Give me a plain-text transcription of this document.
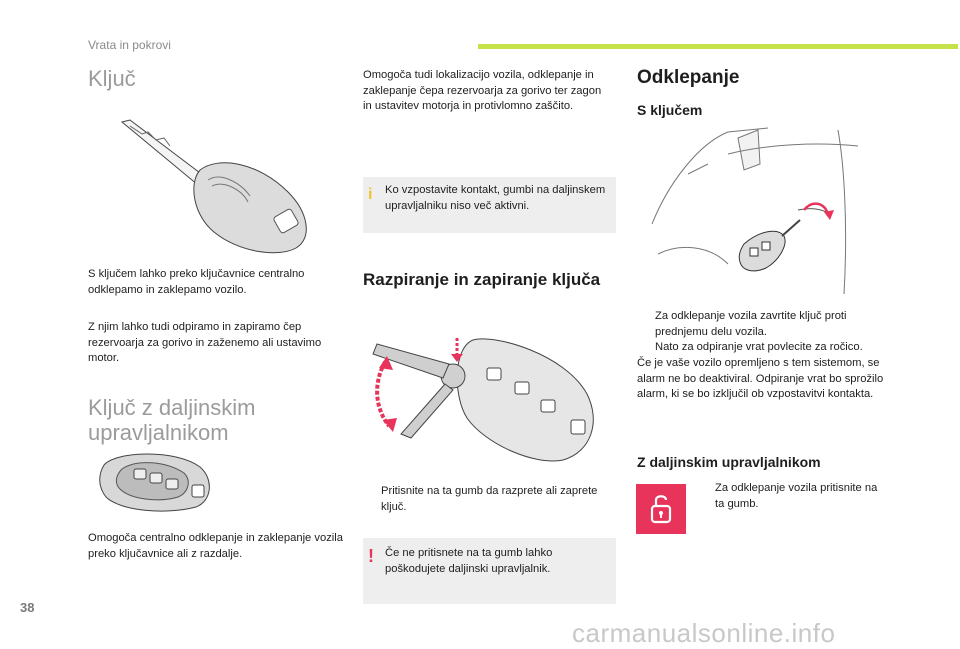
Vrata in pokrovi
Ključ

S ključem lahko preko ključavnice centralno odklepamo in zaklepamo vozilo.

Z njim lahko tudi odpiramo in zapiramo čep rezervoarja za gorivo in zaženemo ali ustavimo motor.

Ključ z daljinskim upravljalnikom

Omogoča centralno odklepanje in zaklepanje vozila preko ključavnice ali z razdalje.

Omogoča tudi lokalizacijo vozila, odklepanje in zaklepanje čepa rezervoarja za gorivo ter zagon in ustavitev motorja in protivlomno zaščito.

i Ko vzpostavite kontakt, gumbi na daljinskem upravljalniku niso več aktivni.

Razpiranje in zapiranje ključa
Pritisnite na ta gumb da razprete ali zaprete ključ.
! Če ne pritisnete na ta gumb lahko poškodujete daljinski upravljalnik.

Odklepanje
S ključem
Za odklepanje vozila zavrtite ključ proti prednjemu delu vozila.
Nato za odpiranje vrat povlecite za ročico.

Če je vaše vozilo opremljeno s tem sistemom, se alarm ne bo deaktiviral. Odpiranje vrat bo sprožilo alarm, ki se bo izključil ob vzpostavitvi kontakta.

Z daljinskim upravljalnikom
Za odklepanje vozila pritisnite na ta gumb.
38
carmanualsonline.info
